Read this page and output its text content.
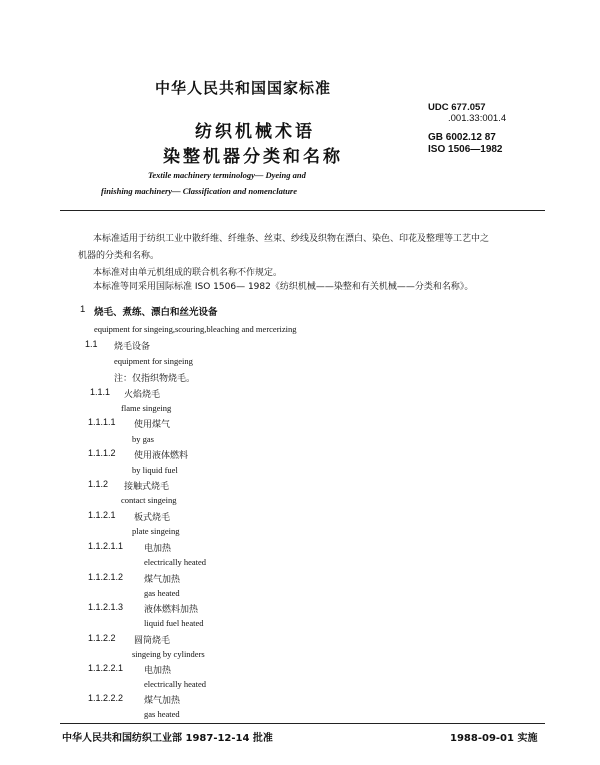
中华人民共和国国家标准
UDC 677.057
.001.33:001.4
纺织机械术语
染整机器分类和名称
GB 6002.12 87
ISO 1506—1982
Textile machinery terminology— Dyeing and
finishing machinery— Classification and nomenclature
本标准适用于纺织工业中散纤维、纤维条、丝束、纱线及织物在漂白、染色、印花及整理等工艺中之
机器的分类和名称。
本标准对由单元机组成的联合机名称不作规定。
本标准等同采用国际标准 ISO 1506— 1982《纺织机械——染整和有关机械——分类和名称》。
1 烧毛、煮练、漂白和丝光设备
equipment for singeing,scouring,bleaching and mercerizing
1.1 烧毛设备
equipment for singeing
注：仅指织物烧毛。
1.1.1 火焰烧毛
flame singeing
1.1.1.1 使用煤气
by gas
1.1.1.2 使用液体燃料
by liquid fuel
1.1.2 接触式烧毛
contact singeing
1.1.2.1 板式烧毛
plate singeing
1.1.2.1.1 电加热
electrically heated
1.1.2.1.2 煤气加热
gas heated
1.1.2.1.3 液体燃料加热
liquid fuel heated
1.1.2.2 圆筒烧毛
singeing by cylinders
1.1.2.2.1 电加热
electrically heated
1.1.2.2.2 煤气加热
gas heated
中华人民共和国纺织工业部 1987-12-14 批准	1988-09-01 实施
